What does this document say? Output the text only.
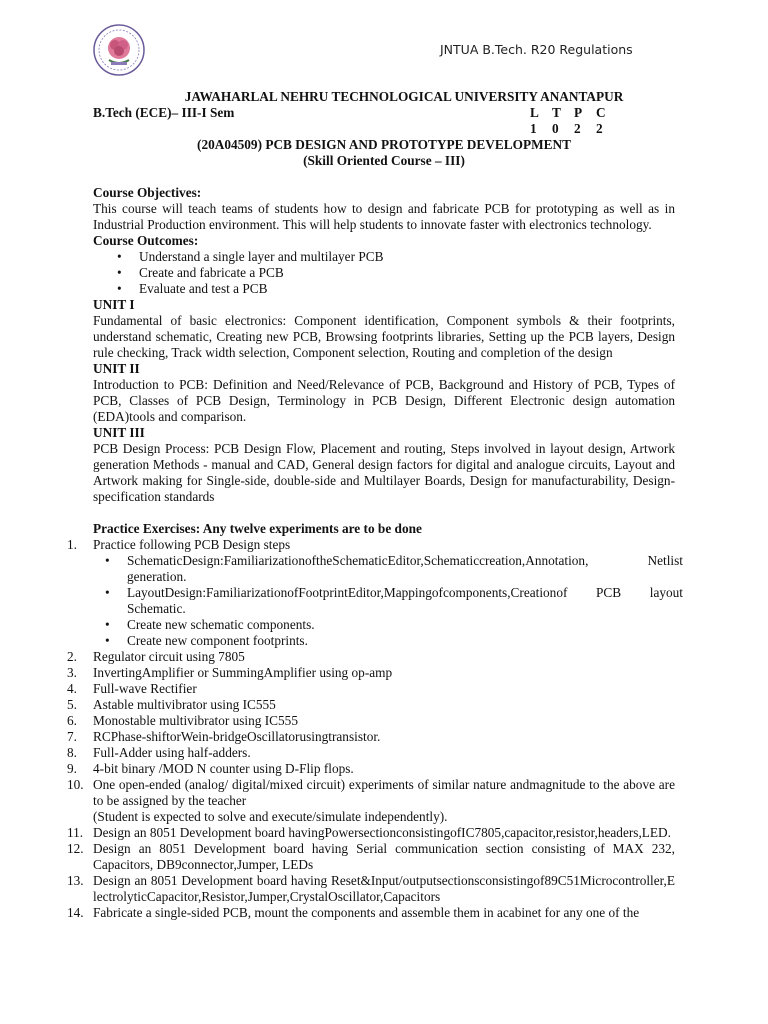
JNTUA B.Tech. R20 Regulations
JAWAHARLAL NEHRU TECHNOLOGICAL UNIVERSITY ANANTAPUR
B.Tech (ECE)– III-I Sem	L T P C
1 0 2 2
(20A04509) PCB DESIGN AND PROTOTYPE DEVELOPMENT
(Skill Oriented Course – III)
Course Objectives:

This course will teach teams of students how to design and fabricate PCB for prototyping as well as in Industrial Production environment. This will help students to innovate faster with electronics technology.

Course Outcomes:
• Understand a single layer and multilayer PCB
• Create and fabricate a PCB
• Evaluate and test a PCB
UNIT I

Fundamental of basic electronics: Component identification, Component symbols & their footprints, understand schematic, Creating new PCB, Browsing footprints libraries, Setting up the PCB layers, Design rule checking, Track width selection, Component selection, Routing and completion of the design

UNIT II

Introduction to PCB: Definition and Need/Relevance of PCB, Background and History of PCB, Types of PCB, Classes of PCB Design, Terminology in PCB Design, Different Electronic design automation (EDA)tools and comparison.

UNIT III

PCB Design Process: PCB Design Flow, Placement and routing, Steps involved in layout design, Artwork generation Methods - manual and CAD, General design factors for digital and analogue circuits, Layout and Artwork making for Single-side, double-side and Multilayer Boards, Design for manufacturability, Design-specification standards

Practice Exercises: Any twelve experiments are to be done
1.	Practice following PCB Design steps
• SchematicDesign:FamiliarizationoftheSchematicEditor,Schematiccreation,Annotation, Netlist generation.
• LayoutDesign:FamiliarizationofFootprintEditor,Mappingofcomponents,Creationof PCB layout Schematic.
• Create new schematic components.
• Create new component footprints.
2.	Regulator circuit using 7805
3.	InvertingAmplifier or SummingAmplifier using op-amp
4.	Full-wave Rectifier
5.	Astable multivibrator using IC555
6.	Monostable multivibrator using IC555
7.	RCPhase-shiftorWein-bridgeOscillatorusingtransistor.
8.	Full-Adder using half-adders.
9.	4-bit binary /MOD N counter using D-Flip flops.
10. One open-ended (analog/ digital/mixed circuit) experiments of similar nature andmagnitude to the above are to be assigned by the teacher
(Student is expected to solve and execute/simulate independently).
11. Design an 8051 Development board havingPowersectionconsistingofIC7805,capacitor,resistor,headers,LED.
12. Design an 8051 Development board having Serial communication section consisting of MAX 232, Capacitors, DB9connector,Jumper, LEDs
13. Design an 8051 Development board having Reset&Input/outputsectionsconsistingof89C51Microcontroller,ElectrolyticCapacitor,Resistor,Jumper,CrystalOscillator,Capacitors
14. Fabricate a single-sided PCB, mount the components and assemble them in acabinet for any one of the
